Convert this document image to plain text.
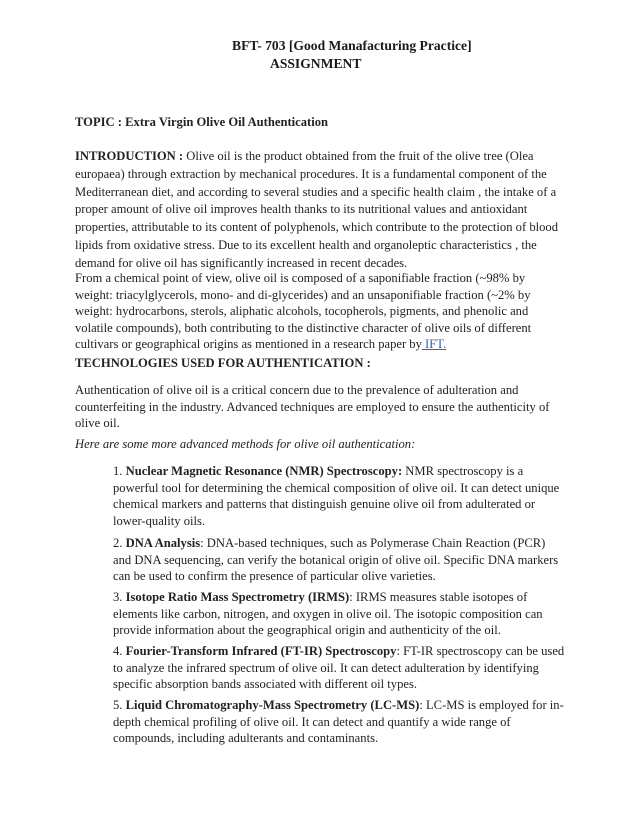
BFT- 703 [Good Manafacturing Practice]
ASSIGNMENT

TOPIC : Extra Virgin Olive Oil Authentication

INTRODUCTION : Olive oil is the product obtained from the fruit of the olive tree (Olea europaea) through extraction by mechanical procedures. It is a fundamental component of the Mediterranean diet, and according to several studies and a specific health claim , the intake of a proper amount of olive oil improves health thanks to its nutritional values and antioxidant properties, attributable to its content of polyphenols, which contribute to the protection of blood lipids from oxidative stress. Due to its excellent health and organoleptic characteristics , the demand for olive oil has significantly increased in recent decades.

From a chemical point of view, olive oil is composed of a saponifiable fraction (~98% by weight: triacylglycerols, mono- and di-glycerides) and an unsaponifiable fraction (~2% by weight: hydrocarbons, sterols, aliphatic alcohols, tocopherols, pigments, and phenolic and volatile compounds), both contributing to the distinctive character of olive oils of different cultivars or geographical origins as mentioned in a research paper by IFT.

TECHNOLOGIES USED FOR AUTHENTICATION :

Authentication of olive oil is a critical concern due to the prevalence of adulteration and counterfeiting in the industry. Advanced techniques are employed to ensure the authenticity of olive oil.

Here are some more advanced methods for olive oil authentication:

1. Nuclear Magnetic Resonance (NMR) Spectroscopy: NMR spectroscopy is a powerful tool for determining the chemical composition of olive oil. It can detect unique chemical markers and patterns that distinguish genuine olive oil from adulterated or lower-quality oils.

2. DNA Analysis: DNA-based techniques, such as Polymerase Chain Reaction (PCR) and DNA sequencing, can verify the botanical origin of olive oil. Specific DNA markers can be used to confirm the presence of particular olive varieties.

3. Isotope Ratio Mass Spectrometry (IRMS): IRMS measures stable isotopes of elements like carbon, nitrogen, and oxygen in olive oil. The isotopic composition can provide information about the geographical origin and authenticity of the oil.

4. Fourier-Transform Infrared (FT-IR) Spectroscopy: FT-IR spectroscopy can be used to analyze the infrared spectrum of olive oil. It can detect adulteration by identifying specific absorption bands associated with different oil types.

5. Liquid Chromatography-Mass Spectrometry (LC-MS): LC-MS is employed for in-depth chemical profiling of olive oil. It can detect and quantify a wide range of compounds, including adulterants and contaminants.
